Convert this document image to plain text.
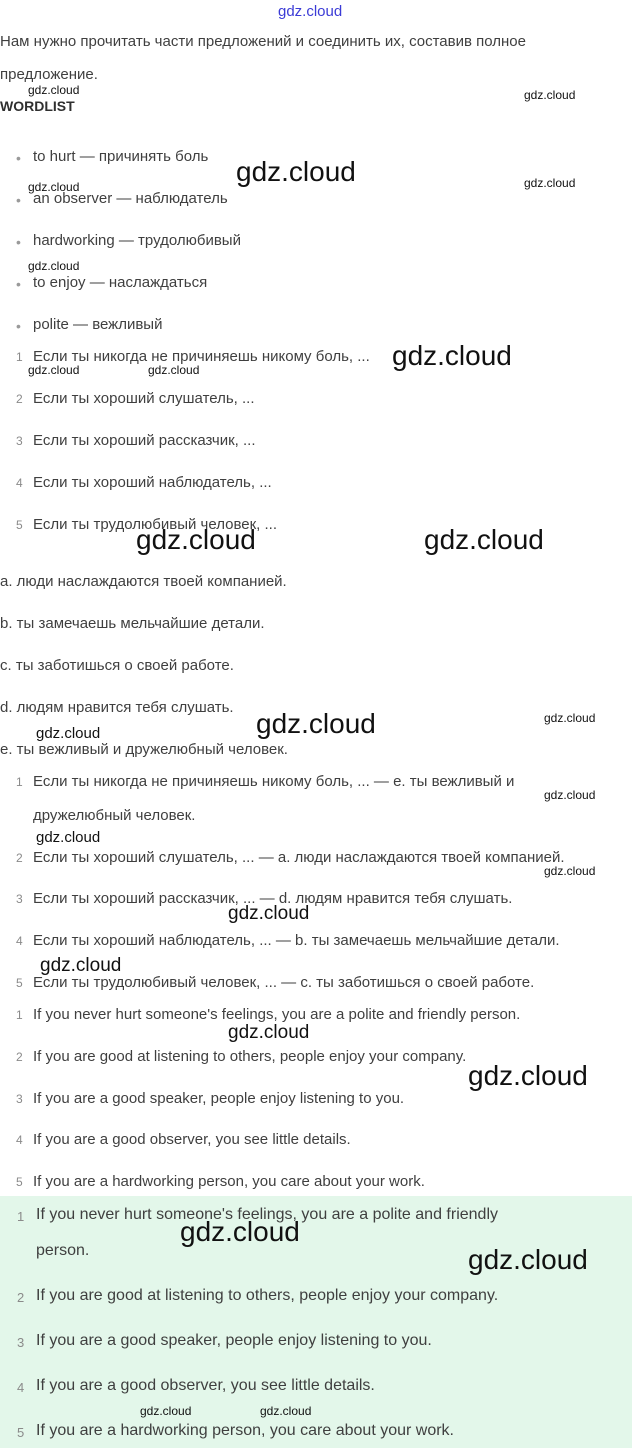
gdz.cloud
Нам нужно прочитать части предложений и соединить их, составив полное
предложение.
WORDLIST
• to hurt — причинять боль
• an observer — наблюдатель
• hardworking — трудолюбивый
• to enjoy — наслаждаться
• polite — вежливый
1 Если ты никогда не причиняешь никому боль, ...
2 Если ты хороший слушатель, ...
3 Если ты хороший рассказчик, ...
4 Если ты хороший наблюдатель, ...
5 Если ты трудолюбивый человек, ...
a. люди наслаждаются твоей компанией.
b. ты замечаешь мельчайшие детали.
c. ты заботишься о своей работе.
d. людям нравится тебя слушать.
e. ты вежливый и дружелюбный человек.
1 Если ты никогда не причиняешь никому боль, ... — e. ты вежливый и
дружелюбный человек.
2 Если ты хороший слушатель, ... — a. люди наслаждаются твоей компанией.
3 Если ты хороший рассказчик, ... — d. людям нравится тебя слушать.
4 Если ты хороший наблюдатель, ... — b. ты замечаешь мельчайшие детали.
5 Если ты трудолюбивый человек, ... — c. ты заботишься о своей работе.
1 If you never hurt someone's feelings, you are a polite and friendly person.
2 If you are good at listening to others, people enjoy your company.
3 If you are a good speaker, people enjoy listening to you.
4 If you are a good observer, you see little details.
5 If you are a hardworking person, you care about your work.
1 If you never hurt someone's feelings, you are a polite and friendly
person.
2 If you are good at listening to others, people enjoy your company.
3 If you are a good speaker, people enjoy listening to you.
4 If you are a good observer, you see little details.
5 If you are a hardworking person, you care about your work.
gdz.cloud	gdz.cloud
gdz.cloud	gdz.cloud
gdz.cloud
gdz.cloud	gdz.cloud
gdz.cloud
gdz.cloud
gdz.cloud
gdz.cloud	gdz.cloud
gdz.cloud
gdz.cloud
gdz.cloud
gdz.cloud
gdz.cloud
gdz.cloud
gdz.cloud
gdz.cloud	gdz.cloud
gdz.cloud
gdz.cloud
gdz.cloud
gdz.cloud
